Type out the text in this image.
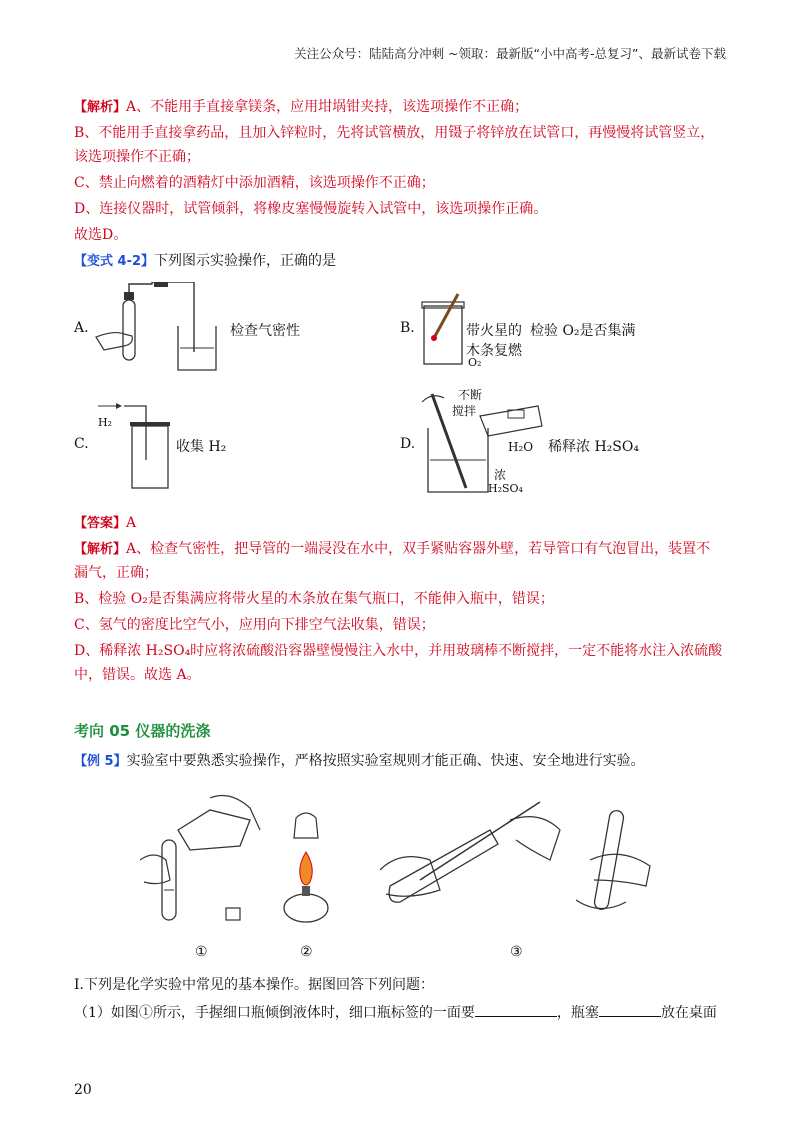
关注公众号：陆陆高分冲刺 ~领取：最新版“小中高考-总复习”、最新试卷下载
【解析】A、不能用手直接拿镁条，应用坩埚钳夹持，该选项操作不正确；
B、不能用手直接拿药品，且加入锌粒时，先将试管横放，用镊子将锌放在试管口，再慢慢将试管竖立，
该选项操作不正确；
C、禁止向燃着的酒精灯中添加酒精，该选项操作不正确；
D、连接仪器时，试管倾斜，将橡皮塞慢慢旋转入试管中，该选项操作正确。
故选D。
【变式 4-2】下列图示实验操作，正确的是
A.	检查气密性	B.	带火星的 检验 O₂是否集满
木条复燃
O₂
C.
H₂
收集 H₂	D.
不断
搅拌
H₂O
浓
H₂SO₄
稀释浓 H₂SO₄
【答案】A
【解析】A、检查气密性，把导管的一端浸没在水中，双手紧贴容器外壁，若导管口有气泡冒出，装置不
漏气，正确；
B、检验 O₂是否集满应将带火星的木条放在集气瓶口，不能伸入瓶中，错误；
C、氢气的密度比空气小，应用向下排空气法收集，错误；
D、稀释浓 H₂SO₄时应将浓硫酸沿容器壁慢慢注入水中，并用玻璃棒不断搅拌，一定不能将水注入浓硫酸
中，错误。故选 A。
考向 05 仪器的洗涤
【例 5】实验室中要熟悉实验操作，严格按照实验室规则才能正确、快速、安全地进行实验。
①	②	③
I.下列是化学实验中常见的基本操作。据图回答下列问题：
（1）如图①所示，手握细口瓶倾倒液体时，细口瓶标签的一面要	，瓶塞	放在桌面
20
